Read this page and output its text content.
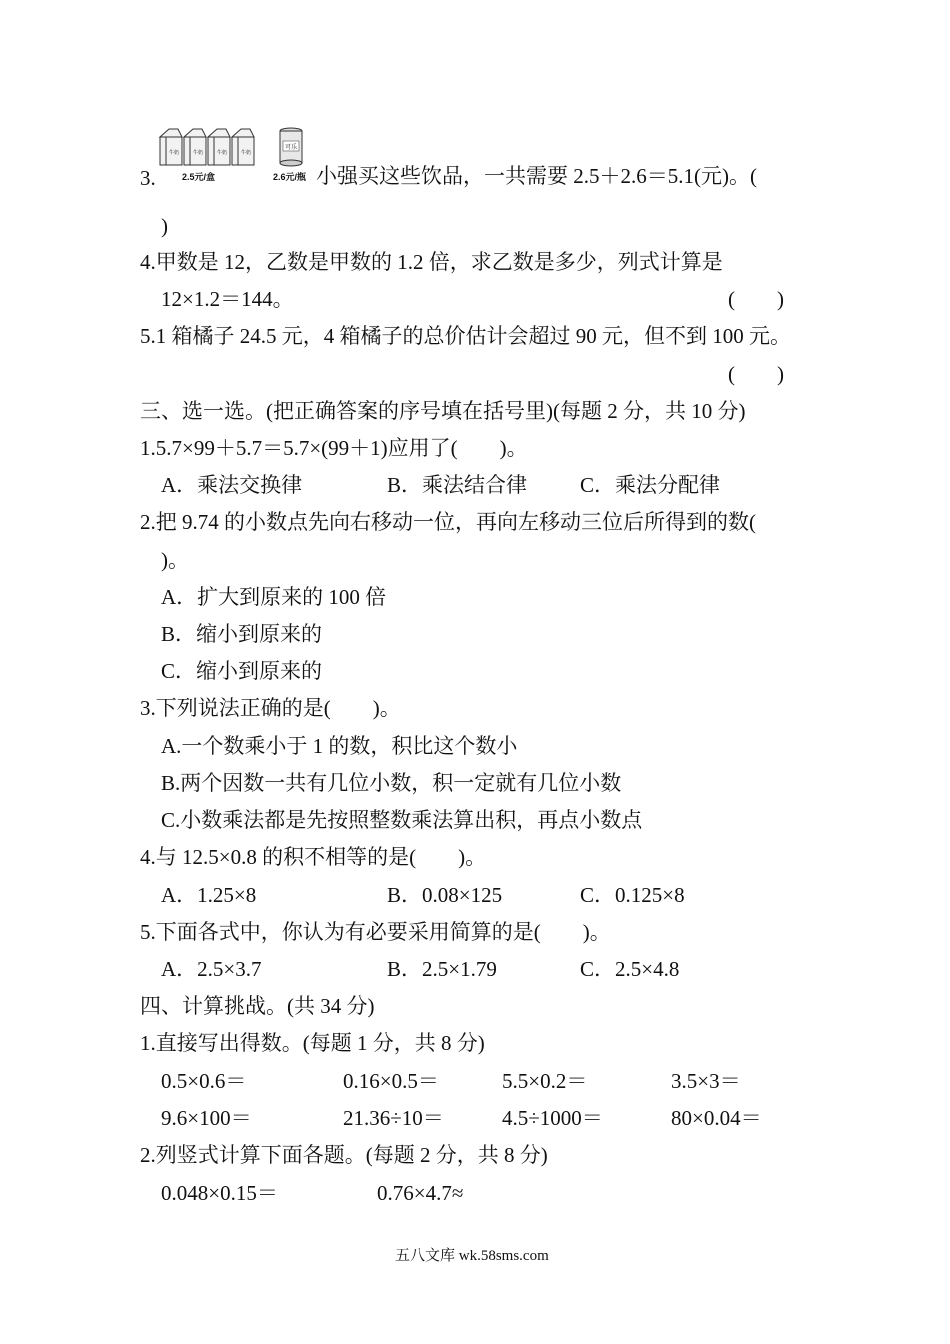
3.
牛奶	牛奶	牛奶	牛奶
2.5元/盒
可乐
2.6元/瓶 小强买这些饮品，一共需要 2.5＋2.6＝5.1(元)。(
)
4.甲数是 12，乙数是甲数的 1.2 倍，求乙数是多少，列式计算是
12×1.2＝144。	(　　)
5.1 箱橘子 24.5 元，4 箱橘子的总价估计会超过 90 元，但不到 100 元。
(　　)
三、选一选。(把正确答案的序号填在括号里)(每题 2 分，共 10 分)
1.5.7×99＋5.7＝5.7×(99＋1)应用了(　　)。
A．乘法交换律	B．乘法结合律	C．乘法分配律
2.把 9.74 的小数点先向右移动一位，再向左移动三位后所得到的数(
)。
A．扩大到原来的 100 倍
B．缩小到原来的
C．缩小到原来的
3.下列说法正确的是(　　)。
A.一个数乘小于 1 的数，积比这个数小
B.两个因数一共有几位小数，积一定就有几位小数
C.小数乘法都是先按照整数乘法算出积，再点小数点
4.与 12.5×0.8 的积不相等的是(　　)。
A．1.25×8	B．0.08×125	C．0.125×8
5.下面各式中，你认为有必要采用简算的是(　　)。
A．2.5×3.7	B．2.5×1.79	C．2.5×4.8
四、计算挑战。(共 34 分)
1.直接写出得数。(每题 1 分，共 8 分)
0.5×0.6＝	0.16×0.5＝	5.5×0.2＝	3.5×3＝
9.6×100＝	21.36÷10＝	4.5÷1000＝	80×0.04＝
2.列竖式计算下面各题。(每题 2 分，共 8 分)
0.048×0.15＝	0.76×4.7≈
五八文库 wk.58sms.com
